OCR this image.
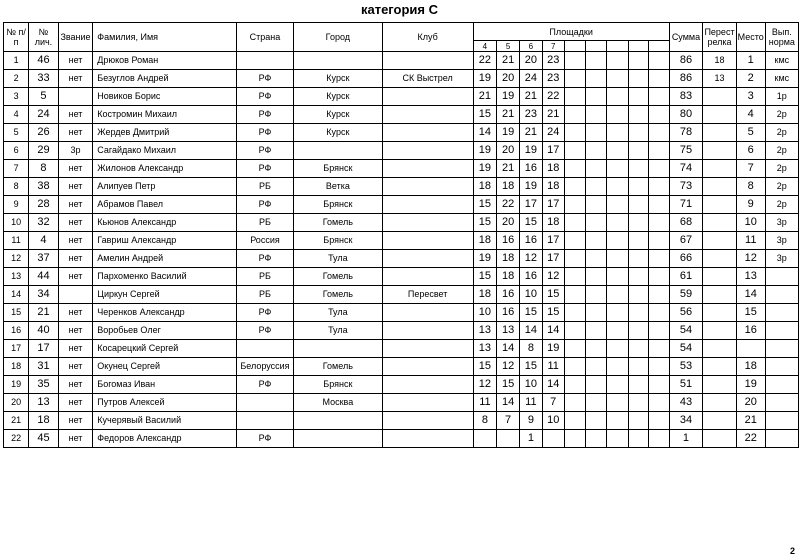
категория С
№ п/п	№ лич.	Звание	Фамилия, Имя	Страна	Город	Клуб	Площадки									Сумма	Перест релка	Место	Вып. норма
							4	5	6	7									
1	46	нет	Дрюков Роман				22	21	20	23						86	18	1	кмс
2	33	нет	Безуглов Андрей	РФ	Курск	СК Выстрел	19	20	24	23						86	13	2	кмс
3	5		Новиков Борис	РФ	Курск		21	19	21	22						83		3	1р
4	24	нет	Костромин Михаил	РФ	Курск		15	21	23	21						80		4	2р
5	26	нет	Жердев Дмитрий	РФ	Курск		14	19	21	24						78		5	2р
6	29	3р	Сагайдако Михаил	РФ			19	20	19	17						75		6	2р
7	8	нет	Жилонов Александр	РФ	Брянск		19	21	16	18						74		7	2р
8	38	нет	Алипуев Петр	РБ	Ветка		18	18	19	18						73		8	2р
9	28	нет	Абрамов Павел	РФ	Брянск		15	22	17	17						71		9	2р
10	32	нет	Кьюнов Александр	РБ	Гомель		15	20	15	18						68		10	3р
11	4	нет	Гавриш Александр	Россия	Брянск		18	16	16	17						67		11	3р
12	37	нет	Амелин Андрей	РФ	Тула		19	18	12	17						66		12	3р
13	44	нет	Пархоменко Василий	РБ	Гомель		15	18	16	12						61		13	
14	34		Циркун Сергей	РБ	Гомель	Пересвет	18	16	10	15						59		14	
15	21	нет	Черенков Александр	РФ	Тула		10	16	15	15						56		15	
16	40	нет	Воробьев Олег	РФ	Тула		13	13	14	14						54		16	
17	17	нет	Косарецкий Сергей				13	14	8	19						54			
18	31	нет	Окунец Сергей	Белоруссия	Гомель		15	12	15	11						53		18	
19	35	нет	Богомаз Иван	РФ	Брянск		12	15	10	14						51		19	
20	13	нет	Путров Алексей		Москва		11	14	11	7						43		20	
21	18	нет	Кучерявый Василий				8	7	9	10						34		21	
22	45	нет	Федоров Александр	РФ					1							1		22	
2
